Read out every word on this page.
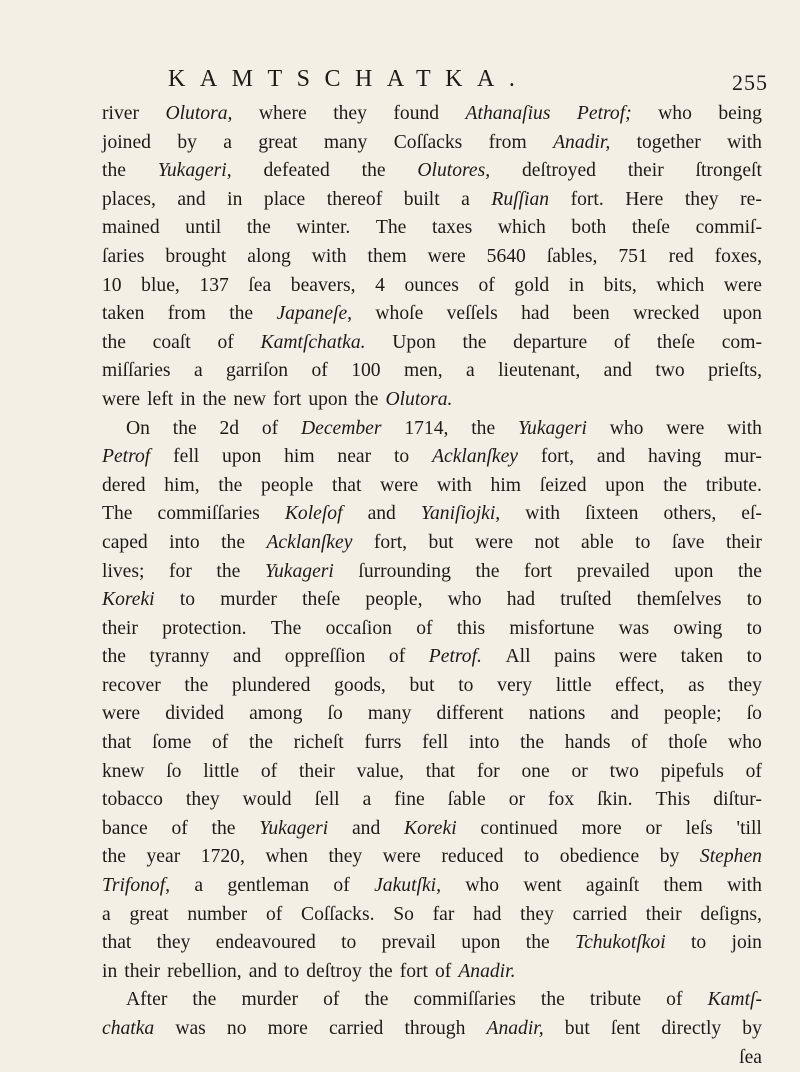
KAMTSCHATKA.	255
river Olutora, where they found Athanaſius Petrof; who being
joined by a great many Coſſacks from Anadir, together with
the Yukageri, defeated the Olutores, deſtroyed their ſtrongeſt
places, and in place thereof built a Ruſſian fort. Here they re-
mained until the winter. The taxes which both theſe commiſ-
ſaries brought along with them were 5640 ſables, 751 red foxes,
10 blue, 137 ſea beavers, 4 ounces of gold in bits, which were
taken from the Japaneſe, whoſe veſſels had been wrecked upon
the coaſt of Kamtſchatka. Upon the departure of theſe com-
miſſaries a garriſon of 100 men, a lieutenant, and two prieſts,
were left in the new fort upon the Olutora.
On the 2d of December 1714, the Yukageri who were with
Petrof fell upon him near to Acklanſkey fort, and having mur-
dered him, the people that were with him ſeized upon the tribute.
The commiſſaries Koleſof and Yaniſiojki, with ſixteen others, eſ-
caped into the Acklanſkey fort, but were not able to ſave their
lives; for the Yukageri ſurrounding the fort prevailed upon the
Koreki to murder theſe people, who had truſted themſelves to
their protection. The occaſion of this misfortune was owing to
the tyranny and oppreſſion of Petrof. All pains were taken to
recover the plundered goods, but to very little effect, as they
were divided among ſo many different nations and people; ſo
that ſome of the richeſt furrs fell into the hands of thoſe who
knew ſo little of their value, that for one or two pipefuls of
tobacco they would ſell a fine ſable or fox ſkin. This diſtur-
bance of the Yukageri and Koreki continued more or leſs 'till
the year 1720, when they were reduced to obedience by Stephen
Trifonof, a gentleman of Jakutſki, who went againſt them with
a great number of Coſſacks. So far had they carried their deſigns,
that they endeavoured to prevail upon the Tchukotſkoi to join
in their rebellion, and to deſtroy the fort of Anadir.
After the murder of the commiſſaries the tribute of Kamtſ-
chatka was no more carried through Anadir, but ſent directly by
ſea
